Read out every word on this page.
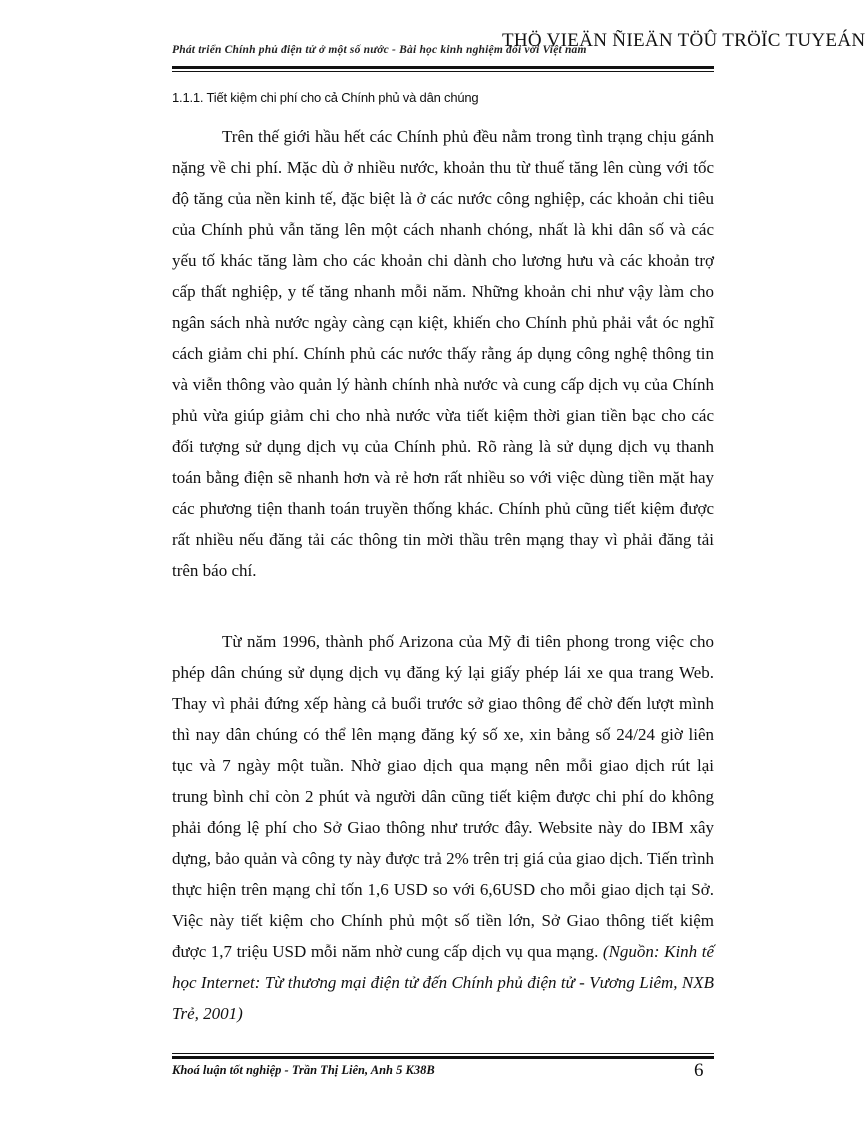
Phát triển Chính phủ điện tử ở một số nước - Bài học kinh nghiệm đối với Việt nam
THÖ VIEÄN ÑIEÄN TÖÛ TRÖÏC TUYEÁN
1.1.1. Tiết kiệm chi phí cho cả Chính phủ và dân chúng

Trên thế giới hầu hết các Chính phủ đều nằm trong tình trạng chịu gánh nặng về chi phí. Mặc dù ở nhiều nước, khoản thu từ thuế tăng lên cùng với tốc độ tăng của nền kinh tế, đặc biệt là ở các nước công nghiệp, các khoản chi tiêu của Chính phủ vẫn tăng lên một cách nhanh chóng, nhất là khi dân số và các yếu tố khác tăng làm cho các khoản chi dành cho lương hưu và các khoản trợ cấp thất nghiệp, y tế tăng nhanh mỗi năm. Những khoản chi như vậy làm cho ngân sách nhà nước ngày càng cạn kiệt, khiến cho Chính phủ phải vắt óc nghĩ cách giảm chi phí. Chính phủ các nước thấy rằng áp dụng công nghệ thông tin và viễn thông vào quản lý hành chính nhà nước và cung cấp dịch vụ của Chính phủ vừa giúp giảm chi cho nhà nước vừa tiết kiệm thời gian tiền bạc cho các đối tượng sử dụng dịch vụ của Chính phủ. Rõ ràng là sử dụng dịch vụ thanh toán bằng điện sẽ nhanh hơn và rẻ hơn rất nhiều so với việc dùng tiền mặt hay các phương tiện thanh toán truyền thống khác. Chính phủ cũng tiết kiệm được rất nhiều nếu đăng tải các thông tin mời thầu trên mạng thay vì phải đăng tải trên báo chí.

Từ năm 1996, thành phố Arizona của Mỹ đi tiên phong trong việc cho phép dân chúng sử dụng dịch vụ đăng ký lại giấy phép lái xe qua trang Web. Thay vì phải đứng xếp hàng cả buổi trước sở giao thông để chờ đến lượt mình thì nay dân chúng có thể lên mạng đăng ký số xe, xin bảng số 24/24 giờ liên tục và 7 ngày một tuần. Nhờ giao dịch qua mạng nên mỗi giao dịch rút lại trung bình chỉ còn 2 phút và người dân cũng tiết kiệm được chi phí do không phải đóng lệ phí cho Sở Giao thông như trước đây. Website này do IBM xây dựng, bảo quản và công ty này được trả 2% trên trị giá của giao dịch. Tiến trình thực hiện trên mạng chỉ tốn 1,6 USD so với 6,6USD cho mỗi giao dịch tại Sở. Việc này tiết kiệm cho Chính phủ một số tiền lớn, Sở Giao thông tiết kiệm được 1,7 triệu USD mỗi năm nhờ cung cấp dịch vụ qua mạng. (Nguồn: Kinh tế học Internet: Từ thương mại điện tử đến Chính phủ điện tử - Vương Liêm, NXB Trẻ, 2001)

Khoá luận tốt nghiệp - Trần Thị Liên, Anh 5 K38B	6
